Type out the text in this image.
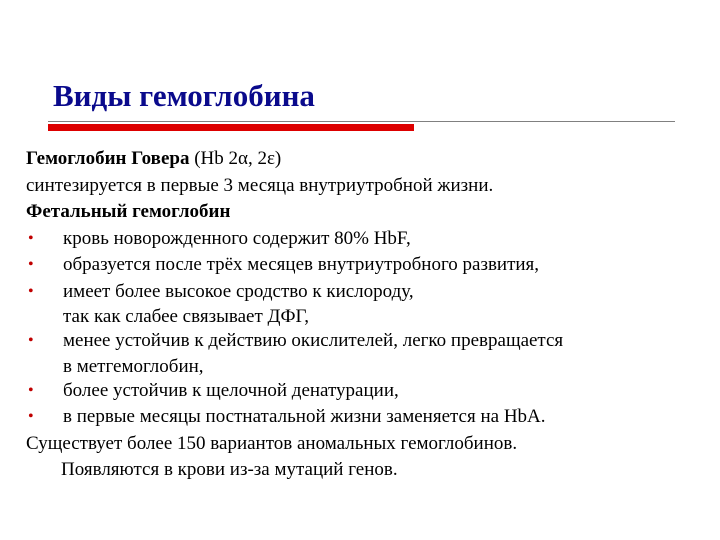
Виды гемоглобина
Гемоглобин Говера (Hb 2α, 2ε)
синтезируется в первые 3 месяца внутриутробной жизни.
Фетальный гемоглобин
•	кровь новорожденного содержит 80% HbF,
•	образуется после трёх месяцев внутриутробного развития,
•	имеет более высокое сродство к кислороду,
так как слабее связывает ДФГ,
•	менее устойчив к действию окислителей, легко превращается
в метгемоглобин,
•	более устойчив к щелочной денатурации,
•	в первые месяцы постнатальной жизни заменяется на HbA.
Существует более 150 вариантов аномальных гемоглобинов.
Появляются в крови из-за мутаций генов.
